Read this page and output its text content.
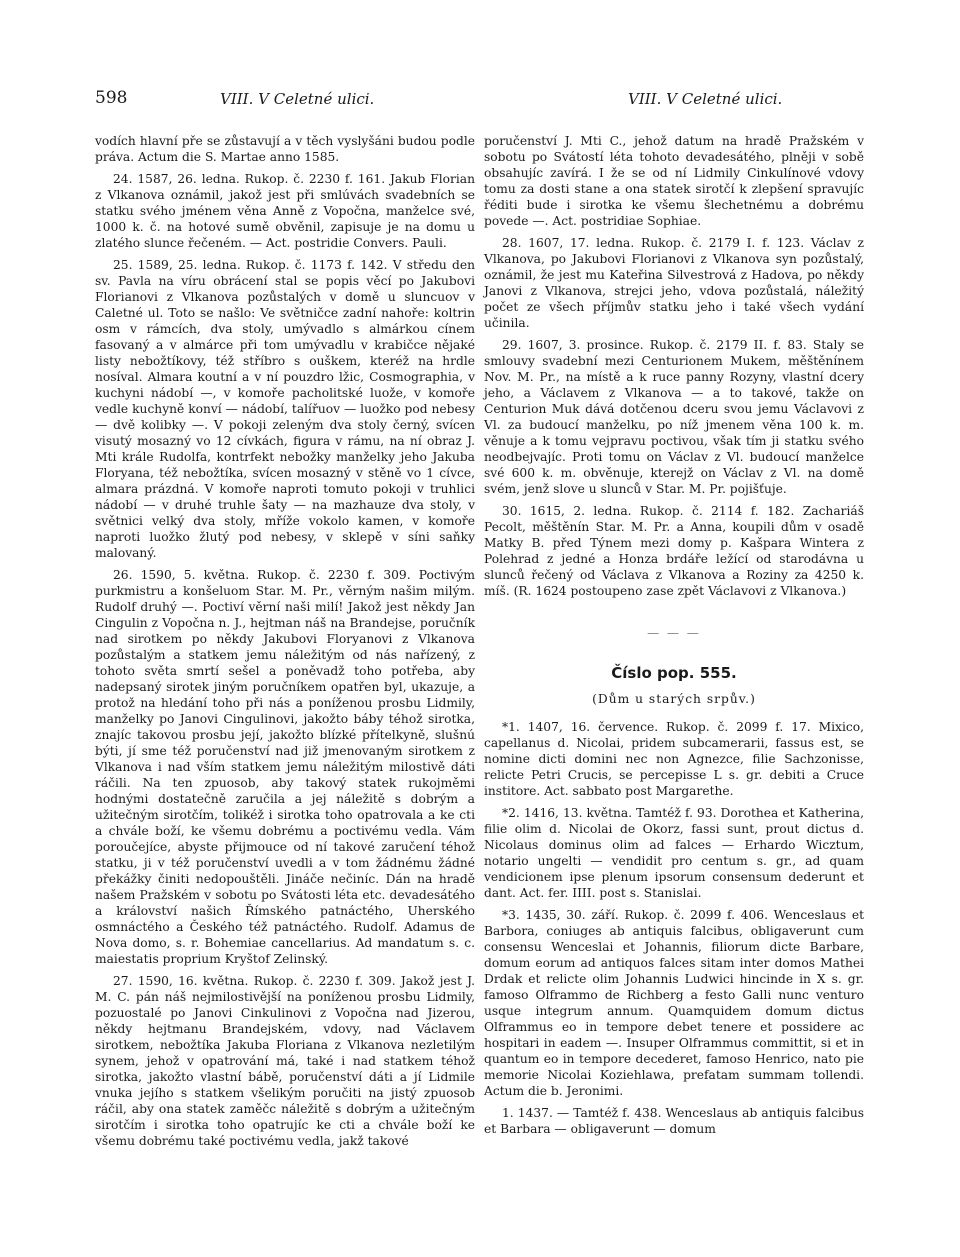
598	VIII. V Celetné ulici.	VIII. V Celetné ulici.

vodích hlavní pře se zůstavují a v těch vyslyšáni budou podle práva. Actum die S. Martae anno 1585.

24. 1587, 26. ledna. Rukop. č. 2230 f. 161. Jakub Florian z Vlkanova oznámil, jakož jest při smlúvách svadebních se statku svého jménem věna Anně z Vopočna, manželce své, 1000 k. č. na hotové sumě obvěnil, zapisuje je na domu u zlatého slunce řečeném. — Act. postridie Convers. Pauli.

25. 1589, 25. ledna. Rukop. č. 1173 f. 142. V středu den sv. Pavla na víru obrácení stal se popis věcí po Jakubovi Florianovi z Vlkanova pozůstalých v domě u sluncuov v Caletné ul. Toto se našlo: Ve světničce zadní nahoře: koltrin osm v rámcích, dva stoly, umývadlo s almárkou cínem fasovaný a v almárce při tom umývadlu v krabičce nějaké listy nebožtíkovy, též stříbro s ouškem, kteréž na hrdle nosíval. Almara koutní a v ní pouzdro lžic, Cosmographia, v kuchyni nádobí —, v komoře pacholitské luože, v komoře vedle kuchyně konví — nádobí, talířuov — luožko pod nebesy — dvě kolibky —. V pokoji zeleným dva stoly černý, svícen visutý mosazný vo 12 cívkách, figura v rámu, na ní obraz J. Mti krále Rudolfa, kontrfekt nebožky manželky jeho Jakuba Floryana, též nebožtíka, svícen mosazný v stěně vo 1 cívce, almara prázdná. V komoře naproti tomuto pokoji v truhlici nádobí — v druhé truhle šaty — na mazhauze dva stoly, v světnici velký dva stoly, mříže vokolo kamen, v komoře naproti luožko žlutý pod nebesy, v sklepě v síni saňky malovaný.

26. 1590, 5. května. Rukop. č. 2230 f. 309. Poctivým purkmistru a konšeluom Star. M. Pr., věrným našim milým. Rudolf druhý —. Poctiví věrní naši milí! Jakož jest někdy Jan Cingulin z Vopočna n. J., hejtman náš na Brandejse, poručník nad sirotkem po někdy Jakubovi Floryanovi z Vlkanova pozůstalým a statkem jemu náležitým od nás nařízený, z tohoto světa smrtí sešel a poněvadž toho potřeba, aby nadepsaný sirotek jiným poručníkem opatřen byl, ukazuje, a protož na hledání toho při nás a poníženou prosbu Lidmily, manželky po Janovi Cingulinovi, jakožto báby téhož sirotka, znajíc takovou prosbu její, jakožto blízké přítelkyně, slušnú býti, jí sme též poručenství nad již jmenovaným sirotkem z Vlkanova i nad vším statkem jemu náležitým milostivě dáti ráčili. Na ten zpuosob, aby takový statek rukojměmi hodnými dostatečně zaručila a jej náležitě s dobrým a užitečným sirotčím, tolikéž i sirotka toho opatrovala a ke cti a chvále boží, ke všemu dobrému a poctivému vedla. Vám poroučejíce, abyste přijmouce od ní takové zaručení téhož statku, ji v též poručenství uvedli a v tom žádnému žádné překážky činiti nedopouštěli. Jináče nečiníc. Dán na hradě našem Pražském v sobotu po Svátosti léta etc. devadesátého a království našich Římského patnáctého, Uherského osmnáctého a Českého též patnáctého. Rudolf. Adamus de Nova domo, s. r. Bohemiae cancellarius. Ad mandatum s. c. maiestatis proprium Kryštof Zelinský.

27. 1590, 16. května. Rukop. č. 2230 f. 309. Jakož jest J. M. C. pán náš nejmilostivější na poníženou prosbu Lidmily, pozuostalé po Janovi Cinkulinovi z Vopočna nad Jizerou, někdy hejtmanu Brandejském, vdovy, nad Václavem sirotkem, nebožtíka Jakuba Floriana z Vlkanova nezletilým synem, jehož v opatrování má, také i nad statkem téhož sirotka, jakožto vlastní bábě, poručenství dáti a jí Lidmile vnuka jejího s statkem všelikým poručiti na jistý zpuosob ráčil, aby ona statek zaměčc náležitě s dobrým a užitečným sirotčím i sirotka toho opatrujíc ke cti a chvále boží ke všemu dobrému také poctivému vedla, jakž takové

poručenství J. Mti C., jehož datum na hradě Pražském v sobotu po Svátostí léta tohoto devadesátého, plněji v sobě obsahujíc zavírá. I že se od ní Lidmily Cinkulínové vdovy tomu za dosti stane a ona statek sirotčí k zlepšení spravujíc řéditi bude i sirotka ke všemu šlechetnému a dobrému povede —. Act. postridiae Sophiae.

28. 1607, 17. ledna. Rukop. č. 2179 I. f. 123. Václav z Vlkanova, po Jakubovi Florianovi z Vlkanova syn pozůstalý, oznámil, že jest mu Kateřina Silvestrová z Hadova, po někdy Janovi z Vlkanova, strejci jeho, vdova pozůstalá, náležitý počet ze všech příjmův statku jeho i také všech vydání učinila.

29. 1607, 3. prosince. Rukop. č. 2179 II. f. 83. Staly se smlouvy svadební mezi Centurionem Mukem, měštěnínem Nov. M. Pr., na místě a k ruce panny Rozyny, vlastní dcery jeho, a Václavem z Vlkanova — a to takové, takže on Centurion Muk dává dotčenou dceru svou jemu Václavovi z Vl. za budoucí manželku, po níž jmenem věna 100 k. m. věnuje a k tomu vejpravu poctivou, však tím ji statku svého neodbejvajíc. Proti tomu on Václav z Vl. budoucí manželce své 600 k. m. obvěnuje, kterejž on Václav z Vl. na domě svém, jenž slove u slunců v Star. M. Pr. pojišťuje.

30. 1615, 2. ledna. Rukop. č. 2114 f. 182. Zachariáš Pecolt, měštěnín Star. M. Pr. a Anna, koupili dům v osadě Matky B. před Týnem mezi domy p. Kašpara Wintera z Polehrad z jedné a Honza brdáře ležící od starodávna u slunců řečený od Václava z Vlkanova a Roziny za 4250 k. míš. (R. 1624 postoupeno zase zpět Václavovi z Vlkanova.)

— — —
Číslo pop. 555.
(Dům u starých srpův.)

*1. 1407, 16. července. Rukop. č. 2099 f. 17. Mixico, capellanus d. Nicolai, pridem subcamerarii, fassus est, se nomine dicti domini nec non Agnezce, filie Sachzonisse, relicte Petri Crucis, se percepisse L s. gr. debiti a Cruce institore. Act. sabbato post Margarethe.

*2. 1416, 13. května. Tamtéž f. 93. Dorothea et Katherina, filie olim d. Nicolai de Okorz, fassi sunt, prout dictus d. Nicolaus dominus olim ad falces — Erhardo Wicztum, notario ungelti — vendidit pro centum s. gr., ad quam vendicionem ipse plenum ipsorum consensum dederunt et dant. Act. fer. IIII. post s. Stanislai.

*3. 1435, 30. září. Rukop. č. 2099 f. 406. Wenceslaus et Barbora, coniuges ab antiquis falcibus, obligaverunt cum consensu Wenceslai et Johannis, filiorum dicte Barbare, domum eorum ad antiquos falces sitam inter domos Mathei Drdak et relicte olim Johannis Ludwici hincinde in X s. gr. famoso Olframmo de Richberg a festo Galli nunc venturo usque integrum annum. Quamquidem domum dictus Olframmus eo in tempore debet tenere et possidere ac hospitari in eadem —. Insuper Olframmus committit, si et in quantum eo in tempore decederet, famoso Henrico, nato pie memorie Nicolai Koziehlawa, prefatam summam tollendi. Actum die b. Jeronimi.

1. 1437. — Tamtéž f. 438. Wenceslaus ab antiquis falcibus et Barbara — obligaverunt — domum
